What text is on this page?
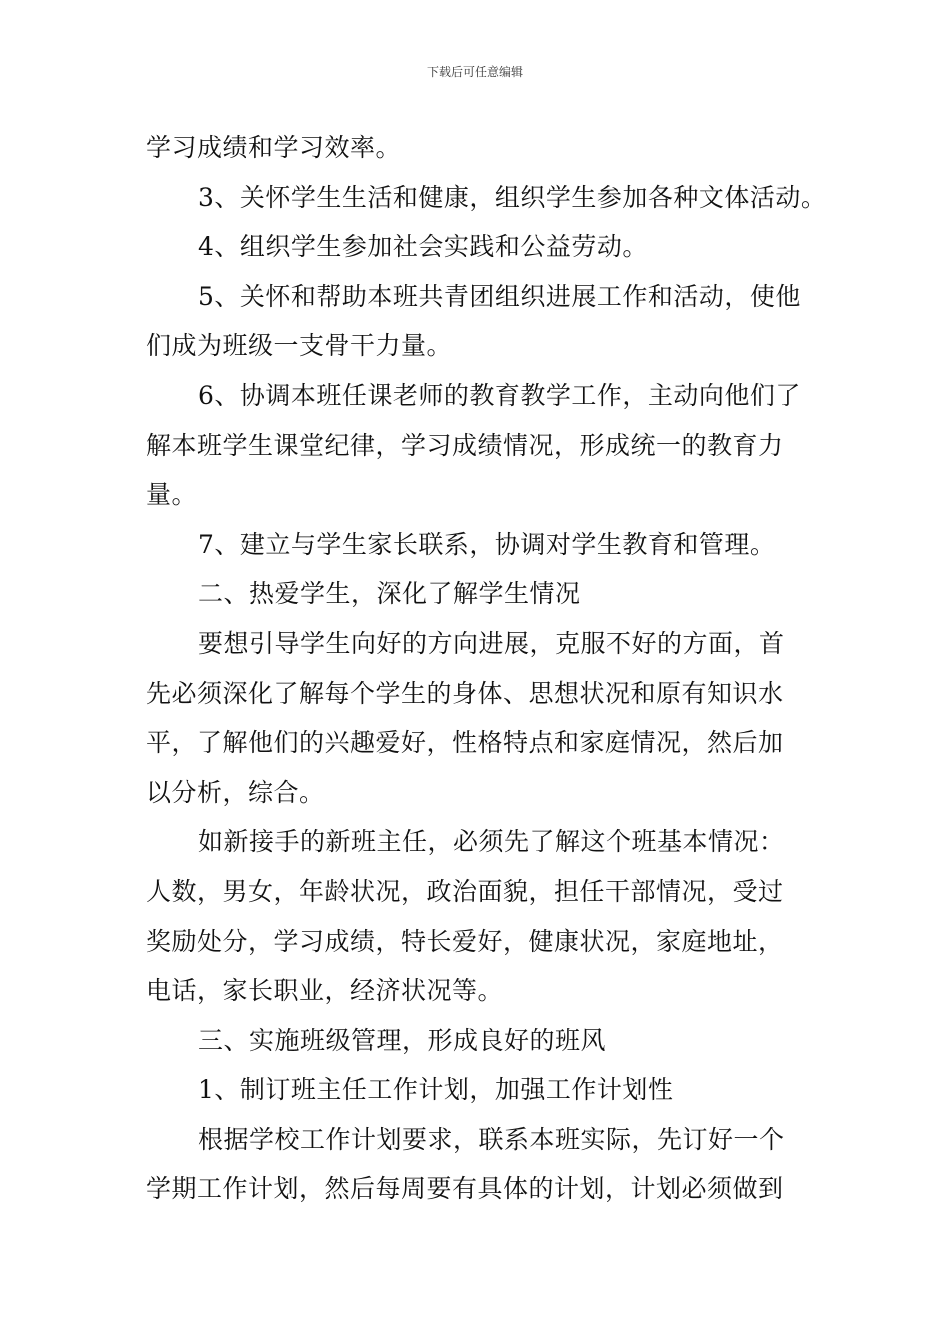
下载后可任意编辑

学习成绩和学习效率。

3、关怀学生生活和健康，组织学生参加各种文体活动。

4、组织学生参加社会实践和公益劳动。

5、关怀和帮助本班共青团组织进展工作和活动，使他
们成为班级一支骨干力量。

6、协调本班任课老师的教育教学工作，主动向他们了
解本班学生课堂纪律，学习成绩情况，形成统一的教育力
量。

7、建立与学生家长联系，协调对学生教育和管理。

二、热爱学生，深化了解学生情况

要想引导学生向好的方向进展，克服不好的方面，首
先必须深化了解每个学生的身体、思想状况和原有知识水
平，了解他们的兴趣爱好，性格特点和家庭情况，然后加
以分析，综合。

如新接手的新班主任，必须先了解这个班基本情况：
人数，男女，年龄状况，政治面貌，担任干部情况，受过
奖励处分，学习成绩，特长爱好，健康状况，家庭地址，
电话，家长职业，经济状况等。

三、实施班级管理，形成良好的班风

1、制订班主任工作计划，加强工作计划性

根据学校工作计划要求，联系本班实际，先订好一个
学期工作计划，然后每周要有具体的计划，计划必须做到
